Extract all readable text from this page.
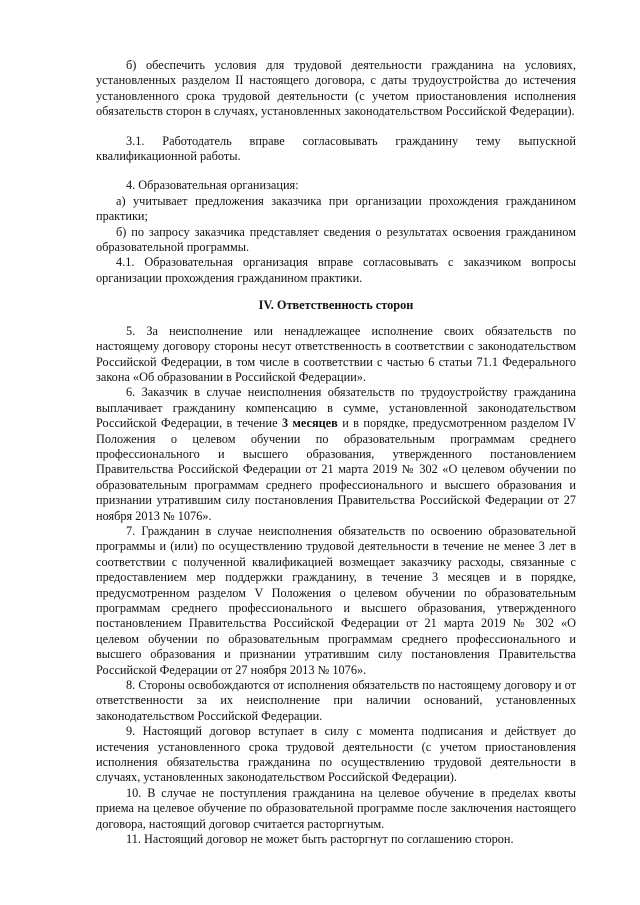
б) обеспечить условия для трудовой деятельности гражданина на условиях, установленных разделом II настоящего договора, с даты трудоустройства до истечения установленного срока трудовой деятельности (с учетом приостановления исполнения обязательств сторон в случаях, установленных законодательством Российской Федерации).

3.1. Работодатель вправе согласовывать гражданину тему выпускной квалификационной работы.

4. Образовательная организация:

а) учитывает предложения заказчика при организации прохождения гражданином практики;

б) по запросу заказчика представляет сведения о результатах освоения гражданином образовательной программы.

4.1. Образовательная организация вправе согласовывать с заказчиком вопросы организации прохождения гражданином практики.

IV. Ответственность сторон

5. За неисполнение или ненадлежащее исполнение своих обязательств по настоящему договору стороны несут ответственность в соответствии с законодательством Российской Федерации, в том числе в соответствии с частью 6 статьи 71.1 Федерального закона «Об образовании в Российской Федерации».

6. Заказчик в случае неисполнения обязательств по трудоустройству гражданина выплачивает гражданину компенсацию в сумме, установленной законодательством Российской Федерации, в течение 3 месяцев и в порядке, предусмотренном разделом IV Положения о целевом обучении по образовательным программам среднего профессионального и высшего образования, утвержденного постановлением Правительства Российской Федерации от 21 марта 2019 № 302 «О целевом обучении по образовательным программам среднего профессионального и высшего образования и признании утратившим силу постановления Правительства Российской Федерации от 27 ноября 2013 № 1076».

7. Гражданин в случае неисполнения обязательств по освоению образовательной программы и (или) по осуществлению трудовой деятельности в течение не менее 3 лет в соответствии с полученной квалификацией возмещает заказчику расходы, связанные с предоставлением мер поддержки гражданину, в течение 3 месяцев и в порядке, предусмотренном разделом V Положения о целевом обучении по образовательным программам среднего профессионального и высшего образования, утвержденного постановлением Правительства Российской Федерации от 21 марта 2019 № 302 «О целевом обучении по образовательным программам среднего профессионального и высшего образования и признании утратившим силу постановления Правительства Российской Федерации от 27 ноября 2013 № 1076».

8. Стороны освобождаются от исполнения обязательств по настоящему договору и от ответственности за их неисполнение при наличии оснований, установленных законодательством Российской Федерации.

9. Настоящий договор вступает в силу с момента подписания и действует до истечения установленного срока трудовой деятельности (с учетом приостановления исполнения обязательства гражданина по осуществлению трудовой деятельности в случаях, установленных законодательством Российской Федерации).

10. В случае не поступления гражданина на целевое обучение в пределах квоты приема на целевое обучение по образовательной программе после заключения настоящего договора, настоящий договор считается расторгнутым.

11. Настоящий договор не может быть расторгнут по соглашению сторон.
